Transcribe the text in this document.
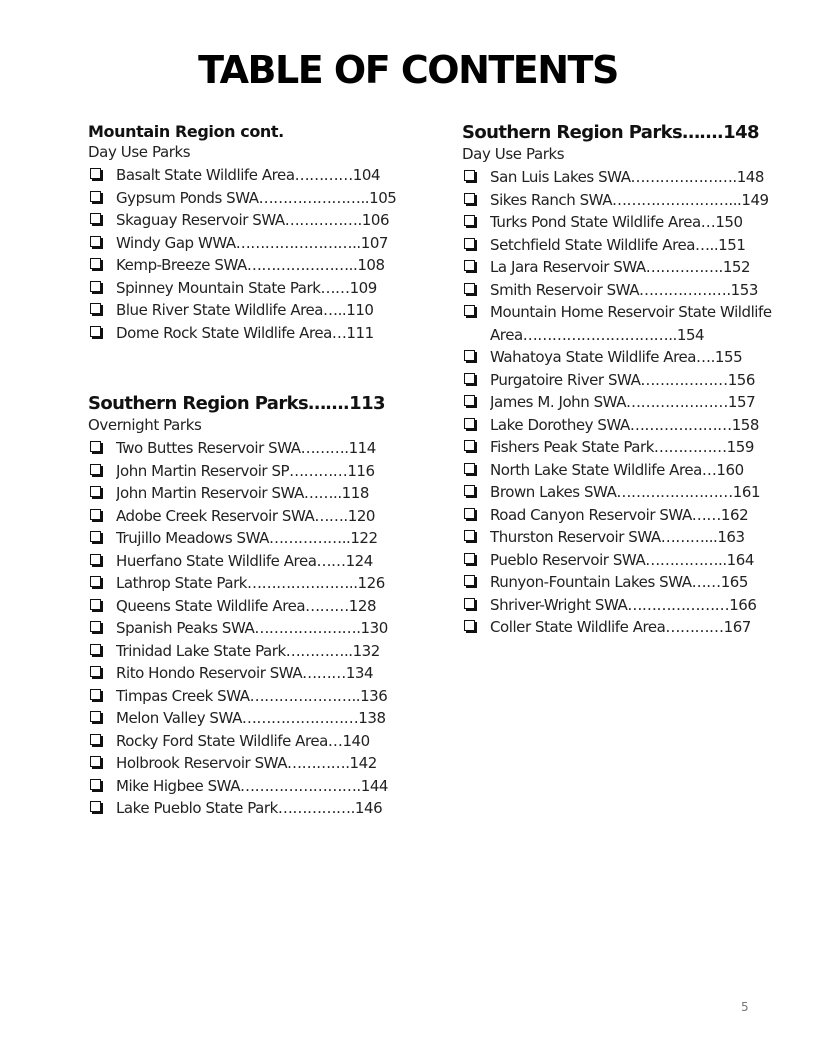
TABLE OF CONTENTS
Mountain Region cont.
Day Use Parks
Basalt State Wildlife Area…………104
Gypsum Ponds SWA…………………..105
Skaguay Reservoir SWA…………….106
Windy Gap WWA……………………..107
Kemp-Breeze SWA…………………..108
Spinney Mountain State Park……109
Blue River State Wildlife Area…..110
Dome Rock State Wildlife Area…111
Southern Region Parks…….113
Overnight Parks
Two Buttes Reservoir SWA……….114
John Martin Reservoir SP…………116
John Martin Reservoir SWA……..118
Adobe Creek Reservoir SWA…….120
Trujillo Meadows SWA……………..122
Huerfano State Wildlife Area……124
Lathrop State Park…………………..126
Queens State Wildlife Area………128
Spanish Peaks SWA………………….130
Trinidad Lake State Park…………..132
Rito Hondo Reservoir SWA………134
Timpas Creek SWA…………………..136
Melon Valley SWA……………………138
Rocky Ford State Wildlife Area…140
Holbrook Reservoir SWA………….142
Mike Higbee SWA…………………….144
Lake Pueblo State Park…………….146
Southern Region Parks…….148
Day Use Parks
San Luis Lakes SWA………………….148
Sikes Ranch SWA……………………...149
Turks Pond State Wildlife Area…150
Setchfield State Wildlife Area…..151
La Jara Reservoir SWA…………….152
Smith Reservoir SWA……………….153
Mountain Home Reservoir State Wildlife Area…………………………..154
Wahatoya State Wildlife Area….155
Purgatoire River SWA………………156
James M. John SWA…………………157
Lake Dorothey SWA…………………158
Fishers Peak State Park……………159
North Lake State Wildlife Area…160
Brown Lakes SWA……………………161
Road Canyon Reservoir SWA……162
Thurston Reservoir SWA………...163
Pueblo Reservoir SWA……………..164
Runyon-Fountain Lakes SWA……165
Shriver-Wright SWA…………………166
Coller State Wildlife Area…………167
5
